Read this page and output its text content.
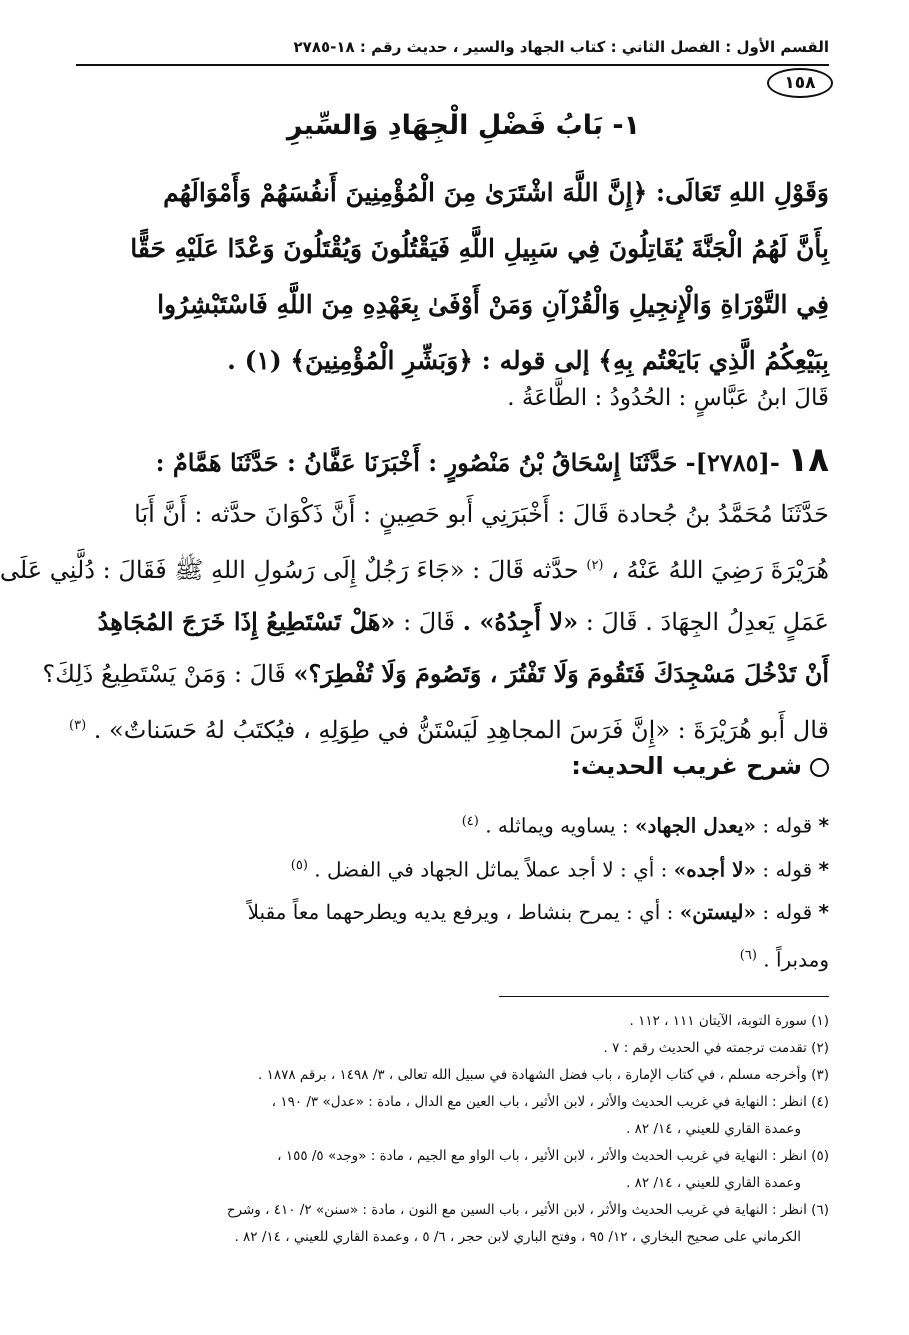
القسم الأول : الفصل الثاني : كتاب الجهاد والسير ، حديث رقم : ١٨-٢٧٨٥
١٥٨
١- بَابُ فَضْلِ الْجِهَادِ وَالسِّيرِ
وَقَوْلِ اللهِ تَعَالَى: ﴿إِنَّ اللَّهَ اشْتَرَىٰ مِنَ الْمُؤْمِنِينَ أَنفُسَهُمْ وَأَمْوَالَهُم
بِأَنَّ لَهُمُ الْجَنَّةَ يُقَاتِلُونَ فِي سَبِيلِ اللَّهِ فَيَقْتُلُونَ وَيُقْتَلُونَ وَعْدًا عَلَيْهِ حَقًّا
فِي التَّوْرَاةِ وَالْإِنجِيلِ وَالْقُرْآنِ وَمَنْ أَوْفَىٰ بِعَهْدِهِ مِنَ اللَّهِ فَاسْتَبْشِرُوا
بِبَيْعِكُمُ الَّذِي بَايَعْتُم بِهِ﴾ إلى قوله : ﴿وَبَشِّرِ الْمُؤْمِنِينَ﴾ (١) .
قَالَ ابنُ عَبَّاسٍ : الحُدُودُ : الطَّاعَةُ .
١٨ -[٢٧٨٥]- حَدَّثَنَا إِسْحَاقُ بْنُ مَنْصُورٍ : أَخْبَرَنَا عَفَّانُ : حَدَّثَنَا هَمَّامٌ :
حَدَّثَنَا مُحَمَّدُ بنُ جُحادة قَالَ : أَخْبَرَنِي أَبو حَصِينٍ : أَنَّ ذَكْوَانَ حدَّثه : أَنَّ أَبَا
هُرَيْرَةَ رَضِيَ اللهُ عَنْهُ ، $^{(٢)}$ حدَّثه قَالَ : «جَاءَ رَجُلٌ إِلَى رَسُولِ اللهِ ﷺ فَقَالَ : دُلَّنِي عَلَى
عَمَلٍ يَعدِلُ الجِهَادَ . قَالَ : «لا أَجِدُهُ» . قَالَ : «هَلْ تَسْتَطِيعُ إِذَا خَرَجَ المُجَاهِدُ
أَنْ تَدْخُلَ مَسْجِدَكَ فَتَقُومَ وَلَا تَفْتُرَ ، وَتَصُومَ وَلَا تُفْطِرَ؟» قَالَ : وَمَنْ يَسْتَطِيعُ ذَلِكَ؟
قال أَبو هُرَيْرَةَ : «إِنَّ فَرَسَ المجاهِدِ لَيَسْتَنُّ في طِوَلِهِ ، فيُكتَبُ لهُ حَسَناتٌ» . $^{(٣)}$
شرح غريب الحديث:
* قوله : «يعدل الجهاد» : يساويه ويماثله . $^{(٤)}$
* قوله : «لا أجده» : أي : لا أجد عملاً يماثل الجهاد في الفضل . $^{(٥)}$
* قوله : «ليستن» : أي : يمرح بنشاط ، ويرفع يديه ويطرحهما معاً مقبلاً
ومدبراً . $^{(٦)}$
(١) سورة التوبة، الآيتان ١١١ ، ١١٢ .
(٢) تقدمت ترجمته في الحديث رقم : ٧ .
(٣) وأخرجه مسلم ، في كتاب الإمارة ، باب فضل الشهادة في سبيل الله تعالى ، ٣/ ١٤٩٨ ، برقم ١٨٧٨ .
(٤) انظر : النهاية في غريب الحديث والأثر ، لابن الأثير ، باب العين مع الدال ، مادة : «عدل» ٣/ ١٩٠ ،
وعمدة القاري للعيني ، ١٤/ ٨٢ .
(٥) انظر : النهاية في غريب الحديث والأثر ، لابن الأثير ، باب الواو مع الجيم ، مادة : «وجد» ٥/ ١٥٥ ،
وعمدة القاري للعيني ، ١٤/ ٨٢ .
(٦) انظر : النهاية في غريب الحديث والأثر ، لابن الأثير ، باب السين مع النون ، مادة : «سنن» ٢/ ٤١٠ ، وشرح
الكرماني على صحيح البخاري ، ١٢/ ٩٥ ، وفتح الباري لابن حجر ، ٦/ ٥ ، وعمدة القاري للعيني ، ١٤/ ٨٢ .
